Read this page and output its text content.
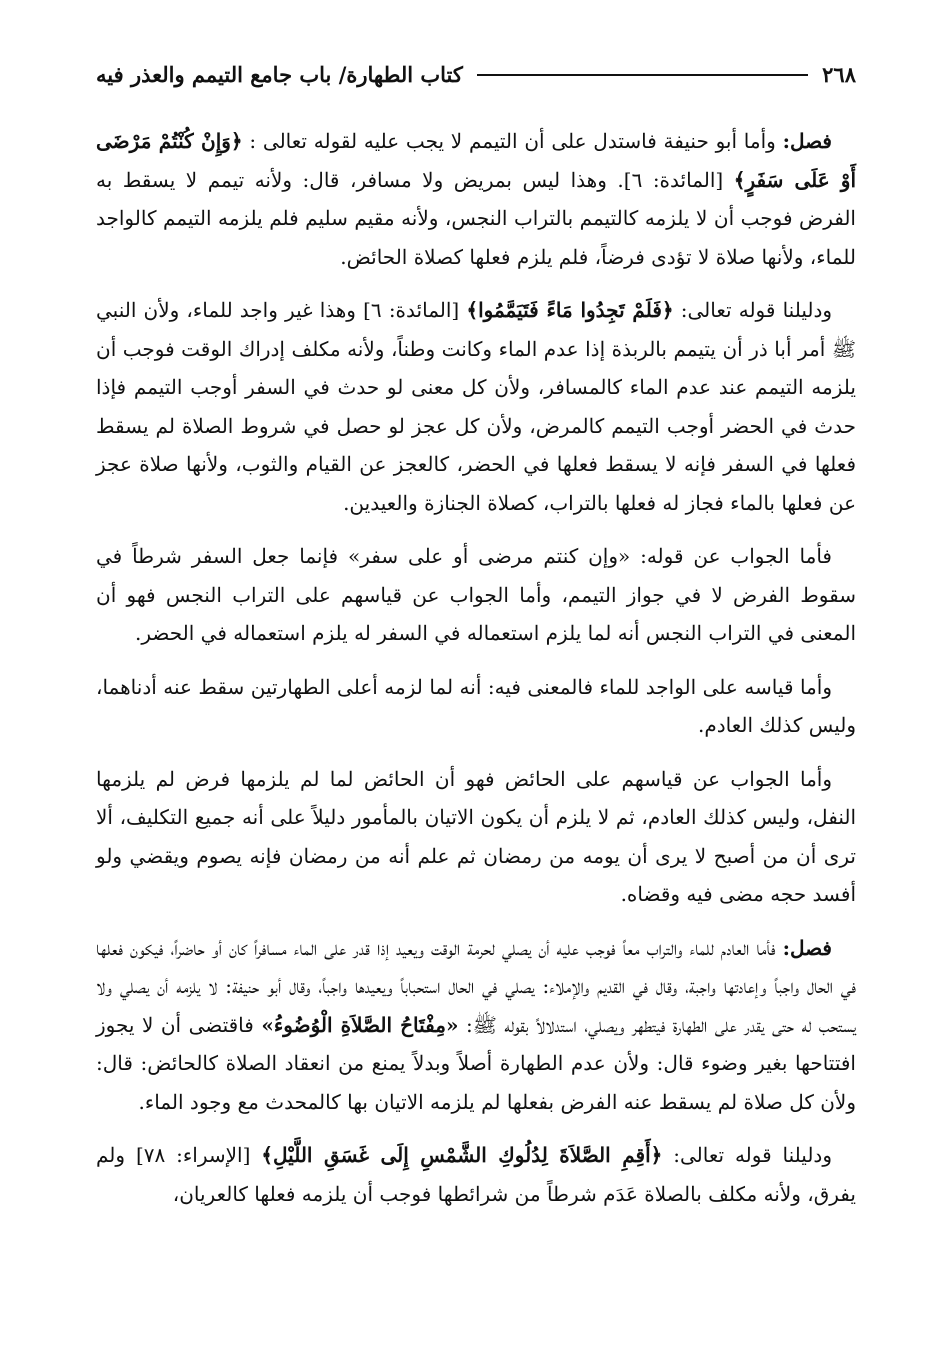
٢٦٨
كتاب الطهارة/ باب جامع التيمم والعذر فيه

فصل: وأما أبو حنيفة فاستدل على أن التيمم لا يجب عليه لقوله تعالى : ﴿وَإِنْ كُنْتُمْ مَرْضَى أَوْ عَلَى سَفَرٍ﴾ [المائدة: ٦]. وهذا ليس بمريض ولا مسافر، قال: ولأنه تيمم لا يسقط به الفرض فوجب أن لا يلزمه كالتيمم بالتراب النجس، ولأنه مقيم سليم فلم يلزمه التيمم كالواجد للماء، ولأنها صلاة لا تؤدى فرضاً، فلم يلزم فعلها كصلاة الحائض.

ودليلنا قوله تعالى: ﴿فَلَمْ تَجِدُوا مَاءً فَتَيَمَّمُوا﴾ [المائدة: ٦] وهذا غير واجد للماء، ولأن النبي ﷺ أمر أبا ذر أن يتيمم بالربذة إذا عدم الماء وكانت وطناً، ولأنه مكلف إدراك الوقت فوجب أن يلزمه التيمم عند عدم الماء كالمسافر، ولأن كل معنى لو حدث في السفر أوجب التيمم فإذا حدث في الحضر أوجب التيمم كالمرض، ولأن كل عجز لو حصل في شروط الصلاة لم يسقط فعلها في السفر فإنه لا يسقط فعلها في الحضر، كالعجز عن القيام والثوب، ولأنها صلاة عجز عن فعلها بالماء فجاز له فعلها بالتراب، كصلاة الجنازة والعيدين.

فأما الجواب عن قوله: «وإن كنتم مرضى أو على سفر» فإنما جعل السفر شرطاً في سقوط الفرض لا في جواز التيمم، وأما الجواب عن قياسهم على التراب النجس فهو أن المعنى في التراب النجس أنه لما يلزم استعماله في السفر له يلزم استعماله في الحضر.

وأما قياسه على الواجد للماء فالمعنى فيه: أنه لما لزمه أعلى الطهارتين سقط عنه أدناهما، وليس كذلك العادم.

وأما الجواب عن قياسهم على الحائض فهو أن الحائض لما لم يلزمها فرض لم يلزمها النفل، وليس كذلك العادم، ثم لا يلزم أن يكون الاتيان بالمأمور دليلاً على أنه جميع التكليف، ألا ترى أن من أصبح لا يرى أن يومه من رمضان ثم علم أنه من رمضان فإنه يصوم ويقضي ولو أفسد حجه مضى فيه وقضاه.

فصل: فأما العادم للماء والتراب معاً فوجب عليه أن يصلي لحرمة الوقت ويعيد إذا قدر على الماء مسافراً كان أو حاضراً، فيكون فعلها في الحال واجباً وإعادتها واجبة، وقال في القديم والإملاء: يصلي في الحال استحباباً ويعيدها واجباً، وقال أبو حنيفة: لا يلزمه أن يصلي ولا يستحب له حتى يقدر على الطهارة فيتطهر ويصلي، استدلالاً بقوله ﷺ: «مِفْتَاحُ الصَّلاَةِ الْوُضُوءُ» فاقتضى أن لا يجوز افتتاحها بغير وضوء قال: ولأن عدم الطهارة أصلاً وبدلاً يمنع من انعقاد الصلاة كالحائض: قال: ولأن كل صلاة لم يسقط عنه الفرض بفعلها لم يلزمه الاتيان بها كالمحدث مع وجود الماء.

ودليلنا قوله تعالى: ﴿أَقِمِ الصَّلاَةَ لِدُلُوكِ الشَّمْسِ إِلَى غَسَقِ اللَّيْلِ﴾ [الإسراء: ٧٨] ولم يفرق، ولأنه مكلف بالصلاة عَدَم شرطاً من شرائطها فوجب أن يلزمه فعلها كالعريان،
